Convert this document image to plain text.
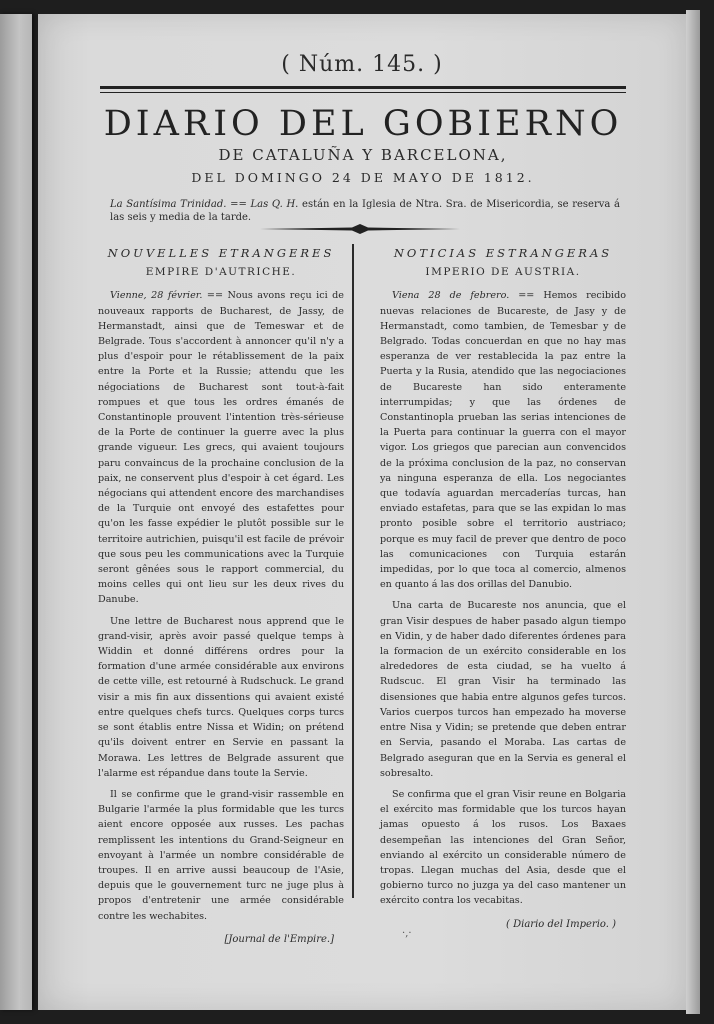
( Núm. 145. )
DIARIO DEL GOBIERNO
DE CATALUÑA Y BARCELONA,
DEL DOMINGO 24 DE MAYO DE 1812.
La Santísima Trinidad. == Las Q. H. están en la Iglesia de Ntra. Sra. de Misericordia, se reserva á las seis y media de la tarde.
NOUVELLES ETRANGERES
EMPIRE D'AUTRICHE.

Vienne, 28 février. == Nous avons reçu ici de nouveaux rapports de Bucharest, de Jassy, de Hermanstadt, ainsi que de Temeswar et de Belgrade. Tous s'accordent à annoncer qu'il n'y a plus d'espoir pour le rétablissement de la paix entre la Porte et la Russie; attendu que les négociations de Bucharest sont tout-à-fait rompues et que tous les ordres émanés de Constantinople prouvent l'intention très-sérieuse de la Porte de continuer la guerre avec la plus grande vigueur. Les grecs, qui avaient toujours paru convaincus de la prochaine conclusion de la paix, ne conservent plus d'espoir à cet égard. Les négocians qui attendent encore des marchandises de la Turquie ont envoyé des estafettes pour qu'on les fasse expédier le plutôt possible sur le territoire autrichien, puisqu'il est facile de prévoir que sous peu les communications avec la Turquie seront gênées sous le rapport commercial, du moins celles qui ont lieu sur les deux rives du Danube.

Une lettre de Bucharest nous apprend que le grand-visir, après avoir passé quelque temps à Widdin et donné différens ordres pour la formation d'une armée considérable aux environs de cette ville, est retourné à Rudschuck. Le grand visir a mis fin aux dissentions qui avaient existé entre quelques chefs turcs. Quelques corps turcs se sont établis entre Nissa et Widin; on prétend qu'ils doivent entrer en Servie en passant la Morawa. Les lettres de Belgrade assurent que l'alarme est répandue dans toute la Servie.

Il se confirme que le grand-visir rassemble en Bulgarie l'armée la plus formidable que les turcs aient encore opposée aux russes. Les pachas remplissent les intentions du Grand-Seigneur en envoyant à l'armée un nombre considérable de troupes. Il en arrive aussi beaucoup de l'Asie, depuis que le gouvernement turc ne juge plus à propos d'entretenir une armée considérable contre les wechabites.

[Journal de l'Empire.]
NOTICIAS ESTRANGERAS
IMPERIO DE AUSTRIA.

Viena 28 de febrero. == Hemos recibido nuevas relaciones de Bucareste, de Jasy y de Hermanstadt, como tambien, de Temesbar y de Belgrado. Todas concuerdan en que no hay mas esperanza de ver restablecida la paz entre la Puerta y la Rusia, atendido que las negociaciones de Bucareste han sido enteramente interrumpidas; y que las órdenes de Constantinopla prueban las serias intenciones de la Puerta para continuar la guerra con el mayor vigor. Los griegos que parecian aun convencidos de la próxima conclusion de la paz, no conservan ya ninguna esperanza de ella. Los negociantes que todavía aguardan mercaderías turcas, han enviado estafetas, para que se las expidan lo mas pronto posible sobre el territorio austriaco; porque es muy facil de prever que dentro de poco las comunicaciones con Turquia estarán impedidas, por lo que toca al comercio, almenos en quanto á las dos orillas del Danubio.

Una carta de Bucareste nos anuncia, que el gran Visir despues de haber pasado algun tiempo en Vidin, y de haber dado diferentes órdenes para la formacion de un exército considerable en los alrededores de esta ciudad, se ha vuelto á Rudscuc. El gran Visir ha terminado las disensiones que habia entre algunos gefes turcos. Varios cuerpos turcos han empezado ha moverse entre Nisa y Vidin; se pretende que deben entrar en Servia, pasando el Moraba. Las cartas de Belgrado aseguran que en la Servia es general el sobresalto.

Se confirma que el gran Visir reune en Bolgaria el exército mas formidable que los turcos hayan jamas opuesto á los rusos. Los Baxaes desempeñan las intenciones del Gran Señor, enviando al exército un considerable número de tropas. Llegan muchas del Asia, desde que el gobierno turco no juzga ya del caso mantener un exército contra los vecabitas.

( Diario del Imperio. )
·‚·
